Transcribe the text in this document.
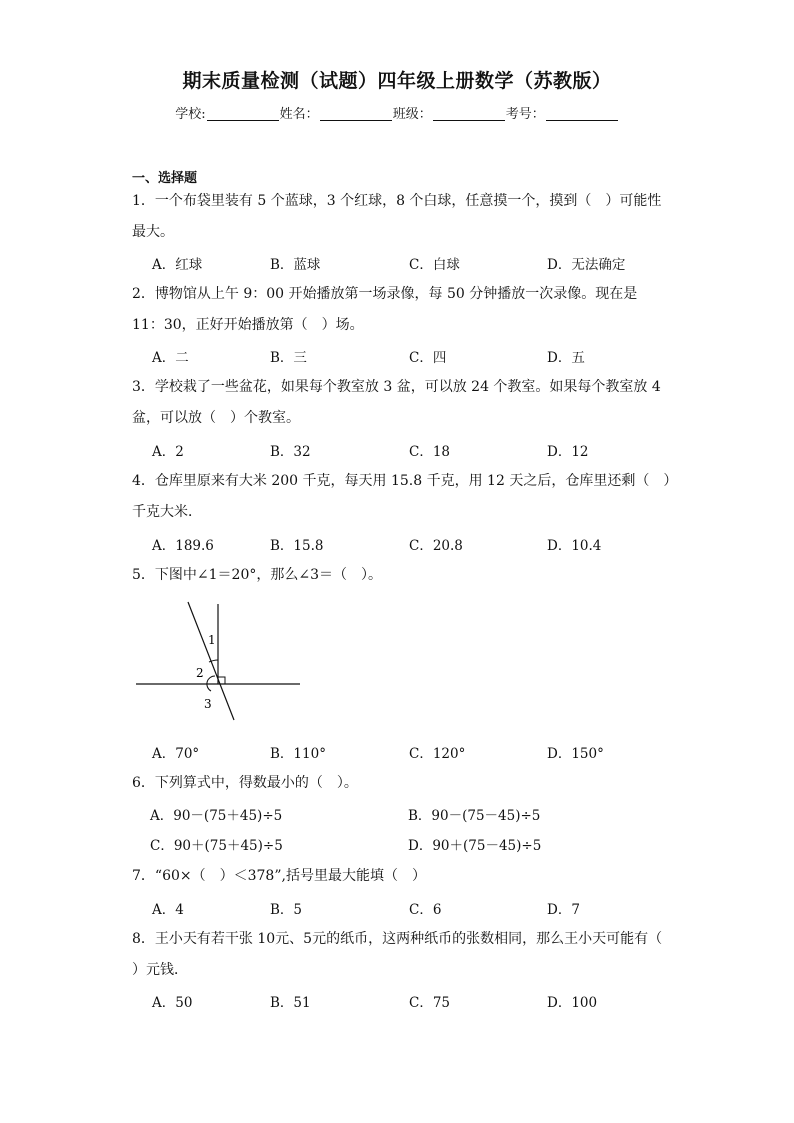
期末质量检测（试题）四年级上册数学（苏教版）
学校:	姓名：	班级：	考号：
一、选择题
1．一个布袋里装有 5 个蓝球，3 个红球，8 个白球，任意摸一个，摸到（　）可能性最大。
A．红球	B．蓝球	C．白球	D．无法确定
2．博物馆从上午 9：00 开始播放第一场录像，每 50 分钟播放一次录像。现在是 11：30，正好开始播放第（　）场。
A．二	B．三	C．四	D．五
3．学校栽了一些盆花，如果每个教室放 3 盆，可以放 24 个教室。如果每个教室放 4 盆，可以放（　）个教室。
A．2	B．32	C．18	D．12
4．仓库里原来有大米 200 千克，每天用 15.8 千克，用 12 天之后，仓库里还剩（　）千克大米．
A．189.6	B．15.8	C．20.8	D．10.4
5．下图中∠1＝20°，那么∠3＝（　）。
1
2
3
A．70°	B．110°	C．120°	D．150°
6．下列算式中，得数最小的（　）。
A．90－(75＋45)÷5	B．90－(75－45)÷5
C．90＋(75＋45)÷5	D．90＋(75－45)÷5
7．“60×（　）＜378”,括号里最大能填（　）
A．4	B．5	C．6	D．7
8．王小天有若干张 10元、5元的纸币，这两种纸币的张数相同，那么王小天可能有（ ）元钱．
A．50	B．51	C．75	D．100
